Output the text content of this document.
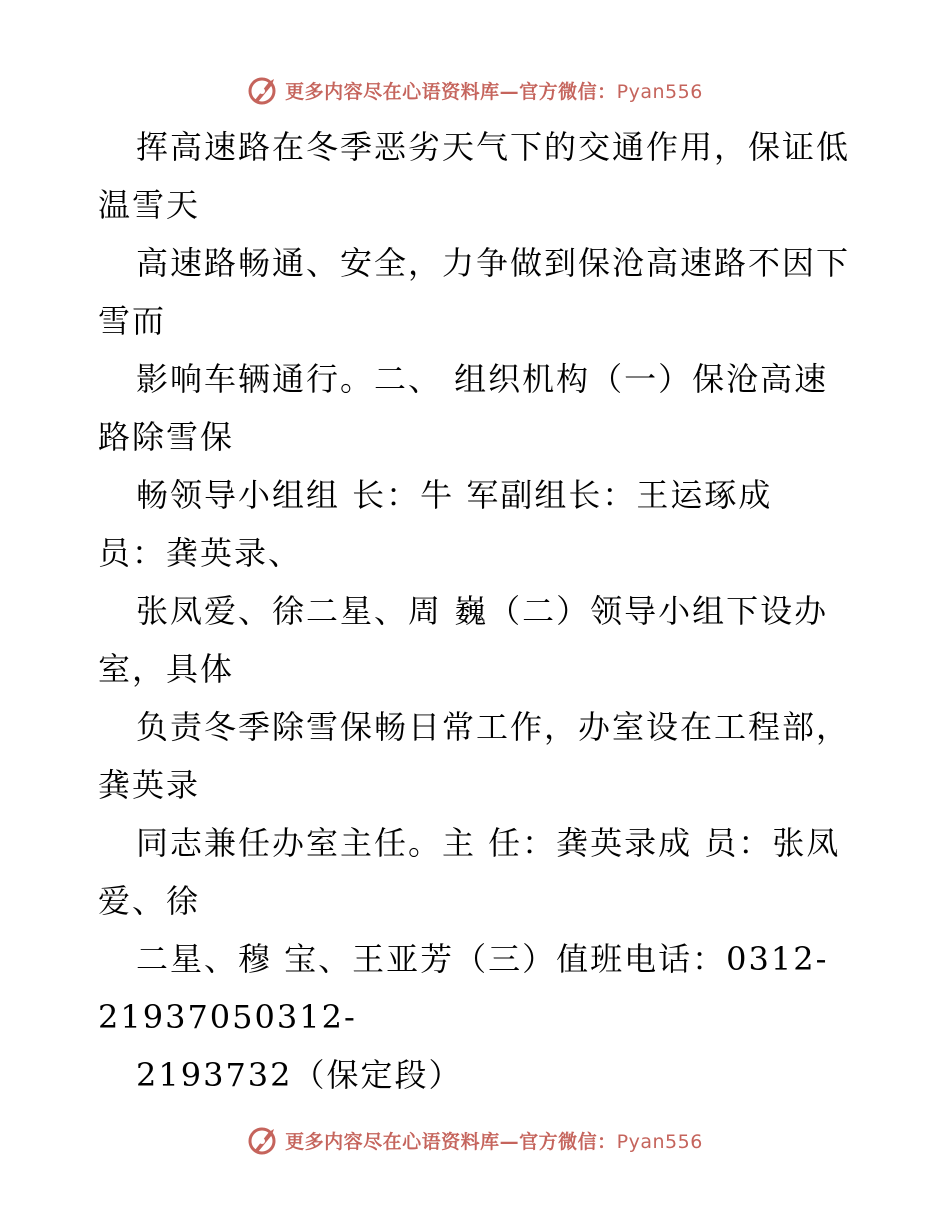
更多内容尽在心语资料库—官方微信：Pyan556
挥高速路在冬季恶劣天气下的交通作用，保证低
温雪天
高速路畅通、安全，力争做到保沧高速路不因下
雪而
影响车辆通行。二、 组织机构（一）保沧高速
路除雪保
畅领导小组组 长：牛 军副组长：王运琢成
员：龚英录、
张凤爱、徐二星、周 巍（二）领导小组下设办
室，具体
负责冬季除雪保畅日常工作，办室设在工程部，
龚英录
同志兼任办室主任。主 任：龚英录成 员：张凤
爱、徐
二星、穆 宝、王亚芳（三）值班电话：0312-
21937050312-
2193732（保定段）
更多内容尽在心语资料库—官方微信：Pyan556
